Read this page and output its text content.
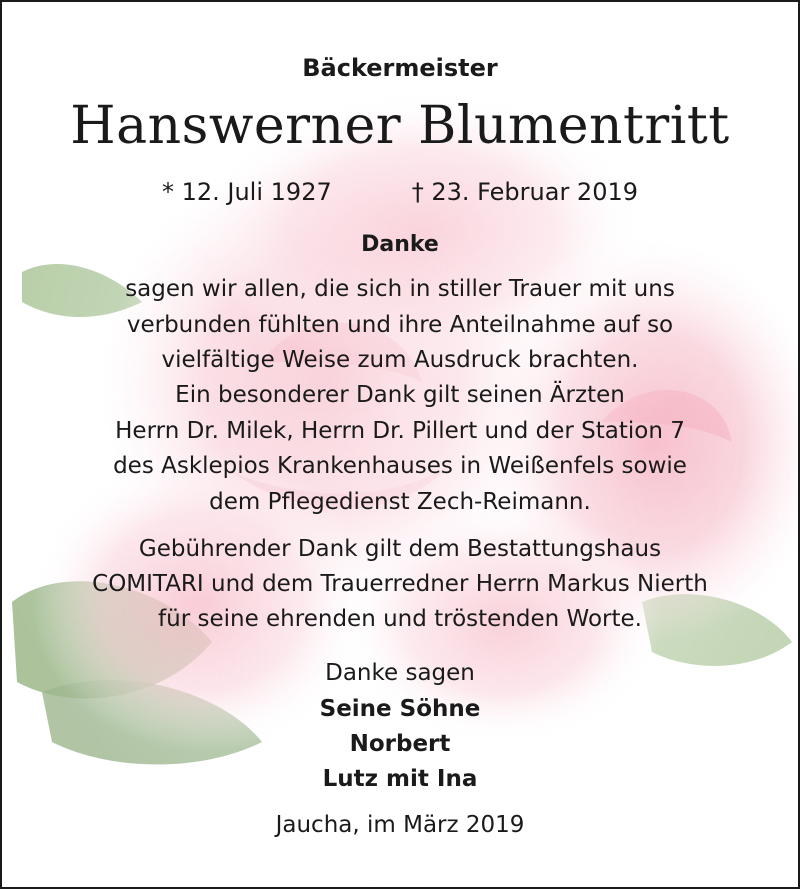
Bäckermeister
Hanswerner Blumentritt
* 12. Juli 1927	† 23. Februar 2019
Danke
sagen wir allen, die sich in stiller Trauer mit uns
verbunden fühlten und ihre Anteilnahme auf so
vielfältige Weise zum Ausdruck brachten.
Ein besonderer Dank gilt seinen Ärzten
Herrn Dr. Milek, Herrn Dr. Pillert und der Station 7
des Asklepios Krankenhauses in Weißenfels sowie
dem Pflegedienst Zech-Reimann.
Gebührender Dank gilt dem Bestattungshaus
COMITARI und dem Trauerredner Herrn Markus Nierth
für seine ehrenden und tröstenden Worte.
Danke sagen
Seine Söhne
Norbert
Lutz mit Ina
Jaucha, im März 2019
